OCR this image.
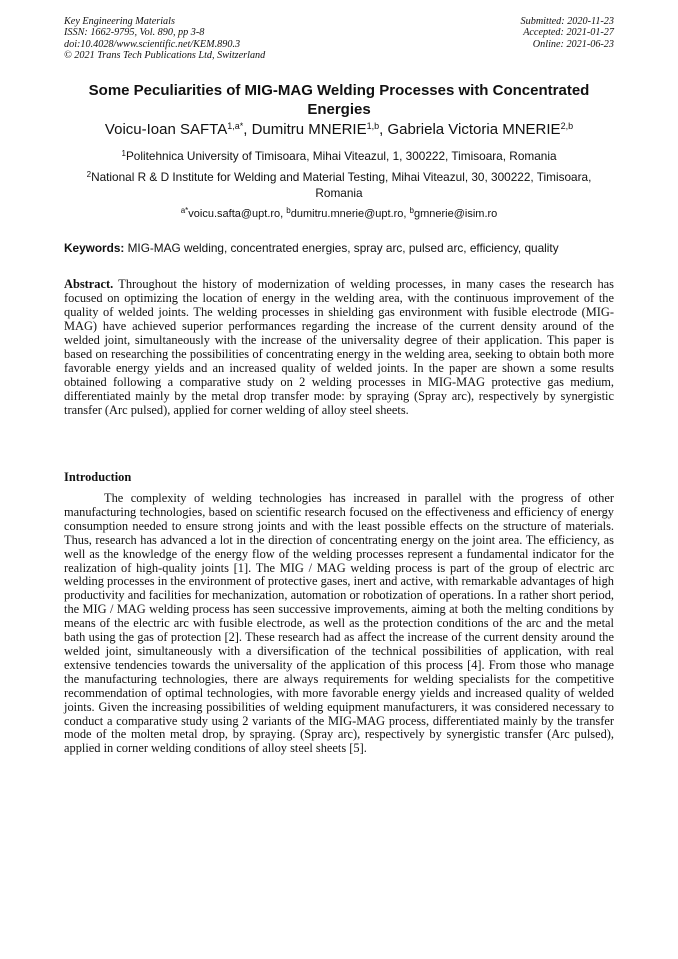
Key Engineering Materials
ISSN: 1662-9795, Vol. 890, pp 3-8
doi:10.4028/www.scientific.net/KEM.890.3
© 2021 Trans Tech Publications Ltd, Switzerland
Submitted: 2020-11-23
Accepted: 2021-01-27
Online: 2021-06-23
Some Peculiarities of MIG-MAG Welding Processes with Concentrated Energies
Voicu-Ioan $SAFTA^{1,a*}$, Dumitru MNERIE$^{1,b}$, Gabriela Victoria MNERIE$^{2,b}$
$^1$Politehnica University of Timisoara, Mihai Viteazul, 1, 300222, Timisoara, Romania
$^2$National R & D Institute for Welding and Material Testing, Mihai Viteazul, 30, 300222, Timisoara, Romania
$^{a*}$voicu.safta@upt.ro, $^b$dumitru.mnerie@upt.ro, $^b$gmnerie@isim.ro
Keywords: MIG-MAG welding, concentrated energies, spray arc, pulsed arc, efficiency, quality
Abstract. Throughout the history of modernization of welding processes, in many cases the research has focused on optimizing the location of energy in the welding area, with the continuous improvement of the quality of welded joints. The welding processes in shielding gas environment with fusible electrode (MIG-MAG) have achieved superior performances regarding the increase of the current density around of the welded joint, simultaneously with the increase of the universality degree of their application. This paper is based on researching the possibilities of concentrating energy in the welding area, seeking to obtain both more favorable energy yields and an increased quality of welded joints. In the paper are shown a some results obtained following a comparative study on 2 welding processes in MIG-MAG protective gas medium, differentiated mainly by the metal drop transfer mode: by spraying (Spray arc), respectively by synergistic transfer (Arc pulsed), applied for corner welding of alloy steel sheets.
Introduction
The complexity of welding technologies has increased in parallel with the progress of other manufacturing technologies, based on scientific research focused on the effectiveness and efficiency of energy consumption needed to ensure strong joints and with the least possible effects on the structure of materials. Thus, research has advanced a lot in the direction of concentrating energy on the joint area. The efficiency, as well as the knowledge of the energy flow of the welding processes represent a fundamental indicator for the realization of high-quality joints [1]. The MIG / MAG welding process is part of the group of electric arc welding processes in the environment of protective gases, inert and active, with remarkable advantages of high productivity and facilities for mechanization, automation or robotization of operations. In a rather short period, the MIG / MAG welding process has seen successive improvements, aiming at both the melting conditions by means of the electric arc with fusible electrode, as well as the protection conditions of the arc and the metal bath using the gas of protection [2]. These research had as affect the increase of the current density around the welded joint, simultaneously with a diversification of the technical possibilities of application, with real extensive tendencies towards the universality of the application of this process [4]. From those who manage the manufacturing technologies, there are always requirements for welding specialists for the competitive recommendation of optimal technologies, with more favorable energy yields and increased quality of welded joints. Given the increasing possibilities of welding equipment manufacturers, it was considered necessary to conduct a comparative study using 2 variants of the MIG-MAG process, differentiated mainly by the transfer mode of the molten metal drop, by spraying. (Spray arc), respectively by synergistic transfer (Arc pulsed), applied in corner welding conditions of alloy steel sheets [5].
